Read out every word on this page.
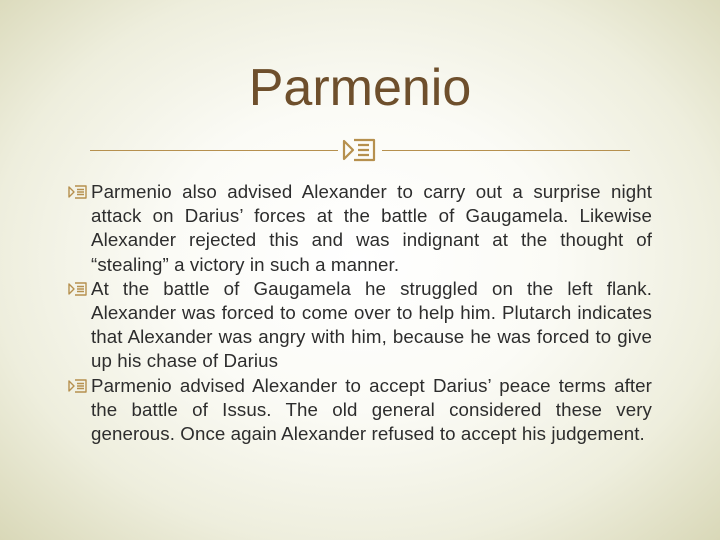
Parmenio
Parmenio also advised Alexander to carry out a surprise night attack on Darius’ forces at the battle of Gaugamela. Likewise Alexander rejected this and was indignant at the thought of “stealing” a victory in such a manner.
At the battle of Gaugamela he struggled on the left flank. Alexander was forced to come over to help him. Plutarch indicates that Alexander was angry with him, because he was forced to give up his chase of Darius
Parmenio advised Alexander to accept Darius’ peace terms after the battle of Issus. The old general considered these very generous. Once again Alexander refused to accept his judgement.
